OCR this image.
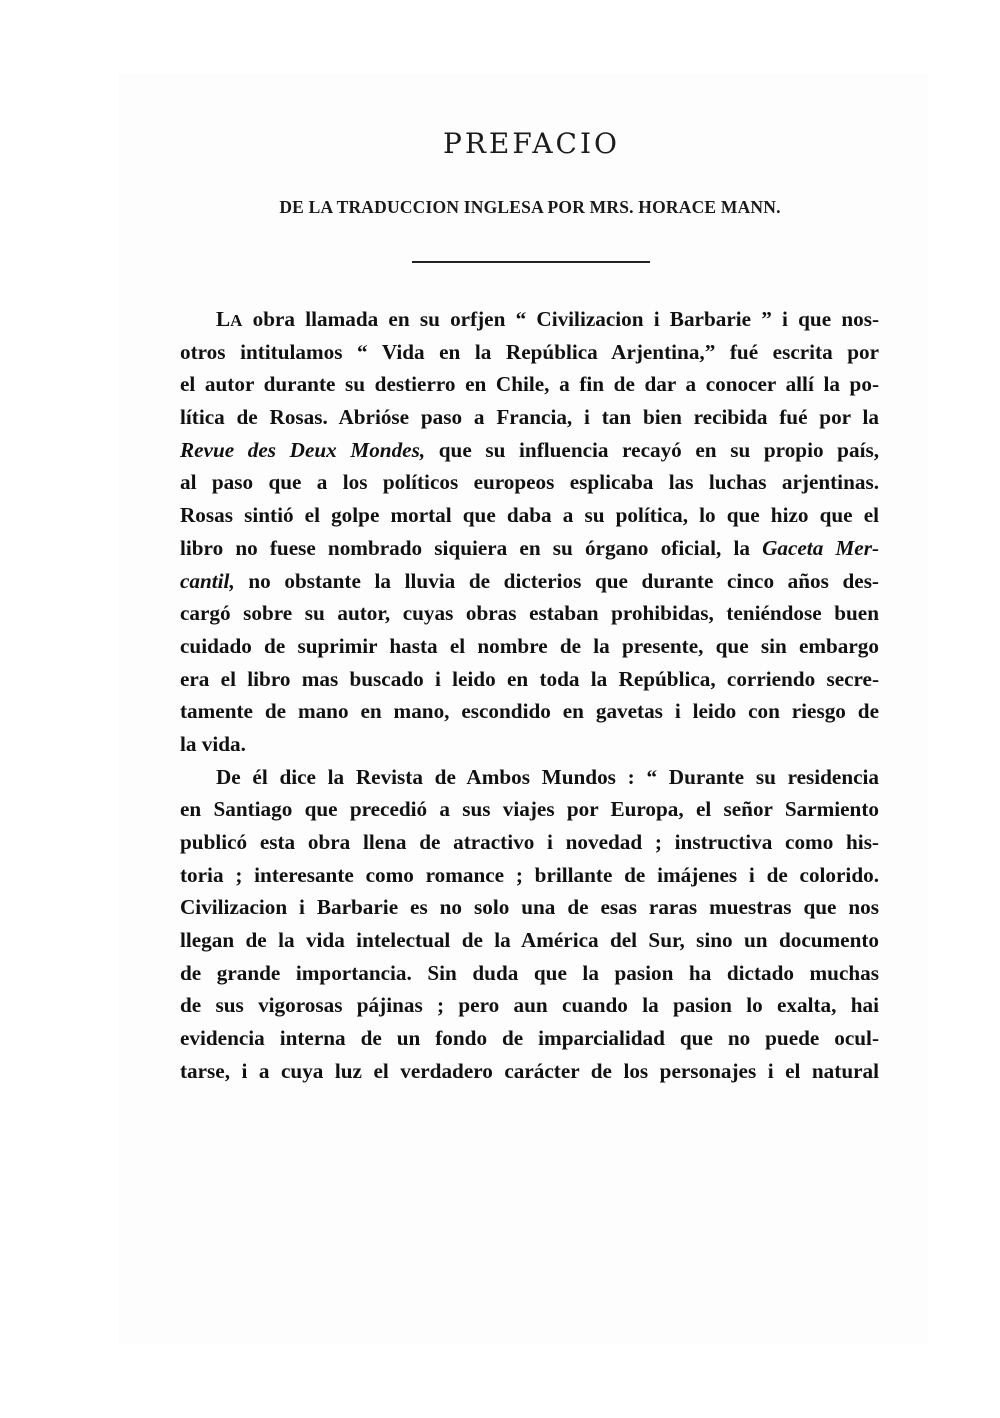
PREFACIO
DE LA TRADUCCION INGLESA POR MRS. HORACE MANN.

LA obra llamada en su orfjen “ Civilizacion i Barbarie ” i que nos-
otros intitulamos “ Vida en la República Arjentina,” fué escrita por
el autor durante su destierro en Chile, a fin de dar a conocer allí la po-
lítica de Rosas. Abrióse paso a Francia, i tan bien recibida fué por la
Revue des Deux Mondes, que su influencia recayó en su propio país,
al paso que a los políticos europeos esplicaba las luchas arjentinas.
Rosas sintió el golpe mortal que daba a su política, lo que hizo que el
libro no fuese nombrado siquiera en su órgano oficial, la Gaceta Mer-
cantil, no obstante la lluvia de dicterios que durante cinco años des-
cargó sobre su autor, cuyas obras estaban prohibidas, teniéndose buen
cuidado de suprimir hasta el nombre de la presente, que sin embargo
era el libro mas buscado i leido en toda la República, corriendo secre-
tamente de mano en mano, escondido en gavetas i leido con riesgo de
la vida.

De él dice la Revista de Ambos Mundos : “ Durante su residencia
en Santiago que precedió a sus viajes por Europa, el señor Sarmiento
publicó esta obra llena de atractivo i novedad ; instructiva como his-
toria ; interesante como romance ; brillante de imájenes i de colorido.
Civilizacion i Barbarie es no solo una de esas raras muestras que nos
llegan de la vida intelectual de la América del Sur, sino un documento
de grande importancia. Sin duda que la pasion ha dictado muchas
de sus vigorosas pájinas ; pero aun cuando la pasion lo exalta, hai
evidencia interna de un fondo de imparcialidad que no puede ocul-
tarse, i a cuya luz el verdadero carácter de los personajes i el natural
